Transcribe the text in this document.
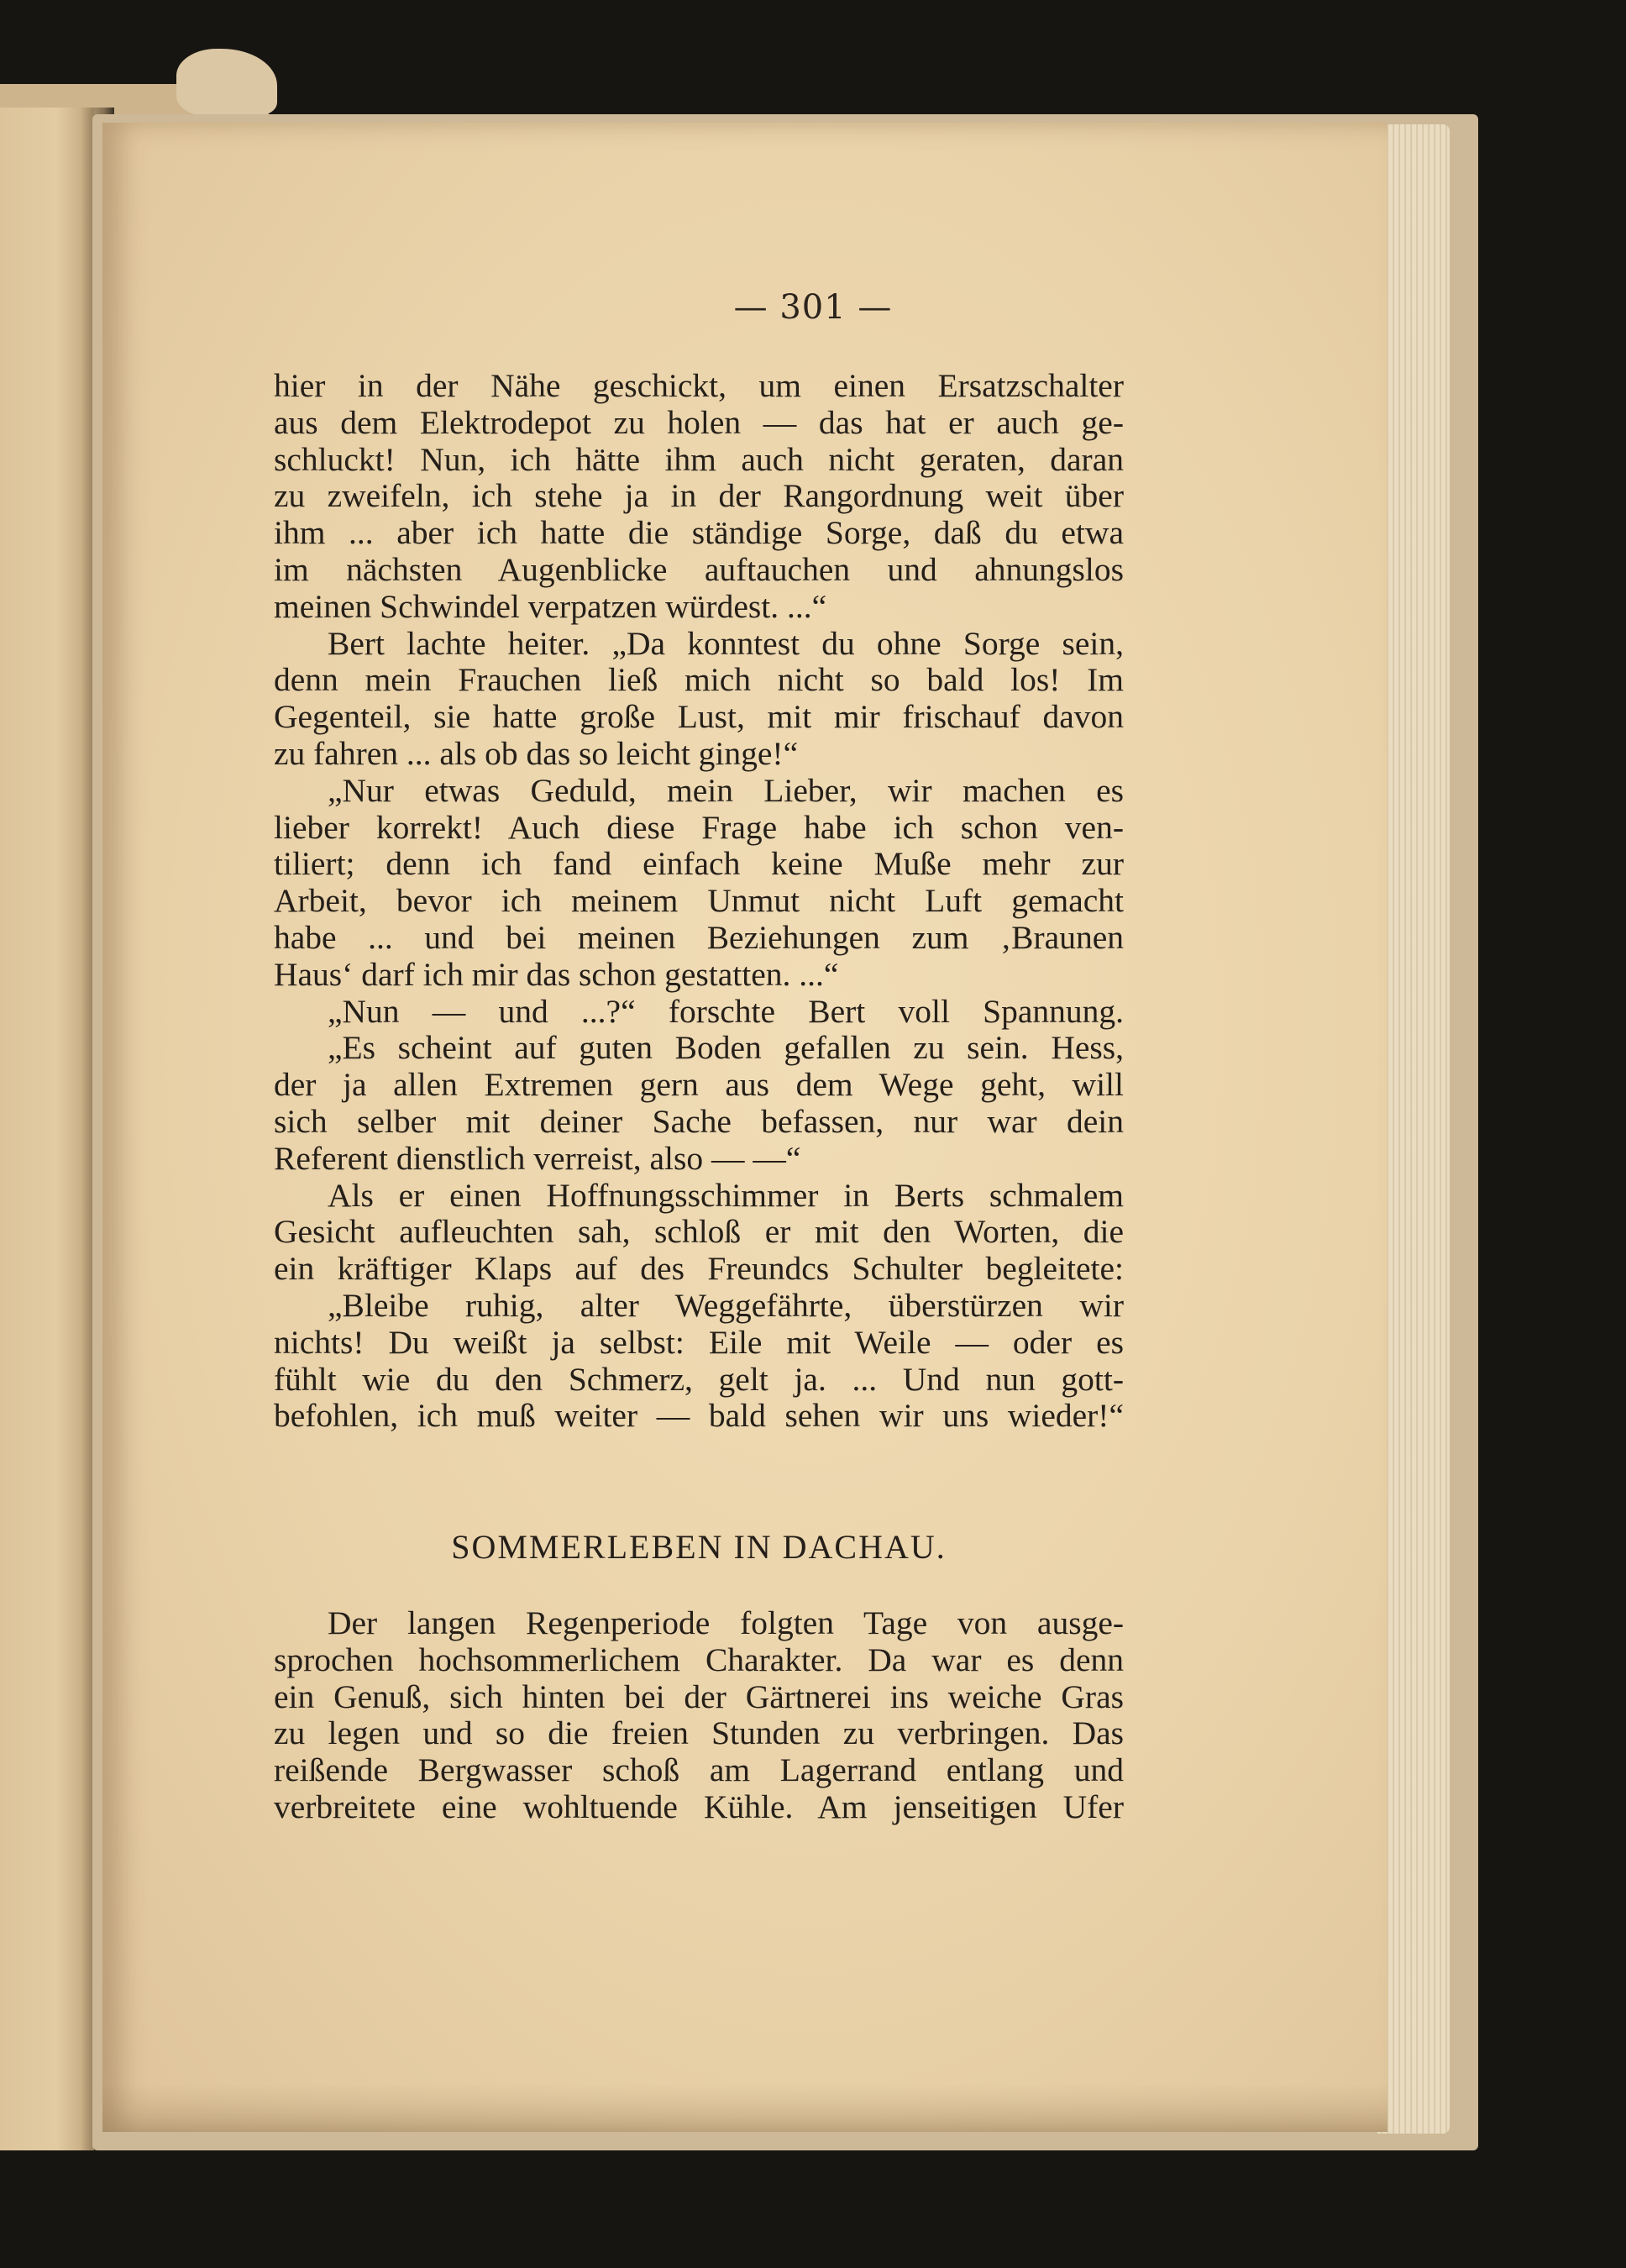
— 301 —
hier in der Nähe geschickt, um einen Ersatzschalter
aus dem Elektrodepot zu holen — das hat er auch ge-
schluckt! Nun, ich hätte ihm auch nicht geraten, daran
zu zweifeln, ich stehe ja in der Rangordnung weit über
ihm ... aber ich hatte die ständige Sorge, daß du etwa
im nächsten Augenblicke auftauchen und ahnungslos
meinen Schwindel verpatzen würdest. ...“
Bert lachte heiter. „Da konntest du ohne Sorge sein,
denn mein Frauchen ließ mich nicht so bald los! Im
Gegenteil, sie hatte große Lust, mit mir frischauf davon
zu fahren ... als ob das so leicht ginge!“
„Nur etwas Geduld, mein Lieber, wir machen es
lieber korrekt! Auch diese Frage habe ich schon ven-
tiliert; denn ich fand einfach keine Muße mehr zur
Arbeit, bevor ich meinem Unmut nicht Luft gemacht
habe ... und bei meinen Beziehungen zum ‚Braunen
Haus‘ darf ich mir das schon gestatten. ...“
„Nun — und ...?“ forschte Bert voll Spannung.
„Es scheint auf guten Boden gefallen zu sein. Hess,
der ja allen Extremen gern aus dem Wege geht, will
sich selber mit deiner Sache befassen, nur war dein
Referent dienstlich verreist, also — —“
Als er einen Hoffnungsschimmer in Berts schmalem
Gesicht aufleuchten sah, schloß er mit den Worten, die
ein kräftiger Klaps auf des Freundcs Schulter begleitete:
„Bleibe ruhig, alter Weggefährte, überstürzen wir
nichts! Du weißt ja selbst: Eile mit Weile — oder es
fühlt wie du den Schmerz, gelt ja. ... Und nun gott-
befohlen, ich muß weiter — bald sehen wir uns wieder!“
SOMMERLEBEN IN DACHAU.
Der langen Regenperiode folgten Tage von ausge-
sprochen hochsommerlichem Charakter. Da war es denn
ein Genuß, sich hinten bei der Gärtnerei ins weiche Gras
zu legen und so die freien Stunden zu verbringen. Das
reißende Bergwasser schoß am Lagerrand entlang und
verbreitete eine wohltuende Kühle. Am jenseitigen Ufer
